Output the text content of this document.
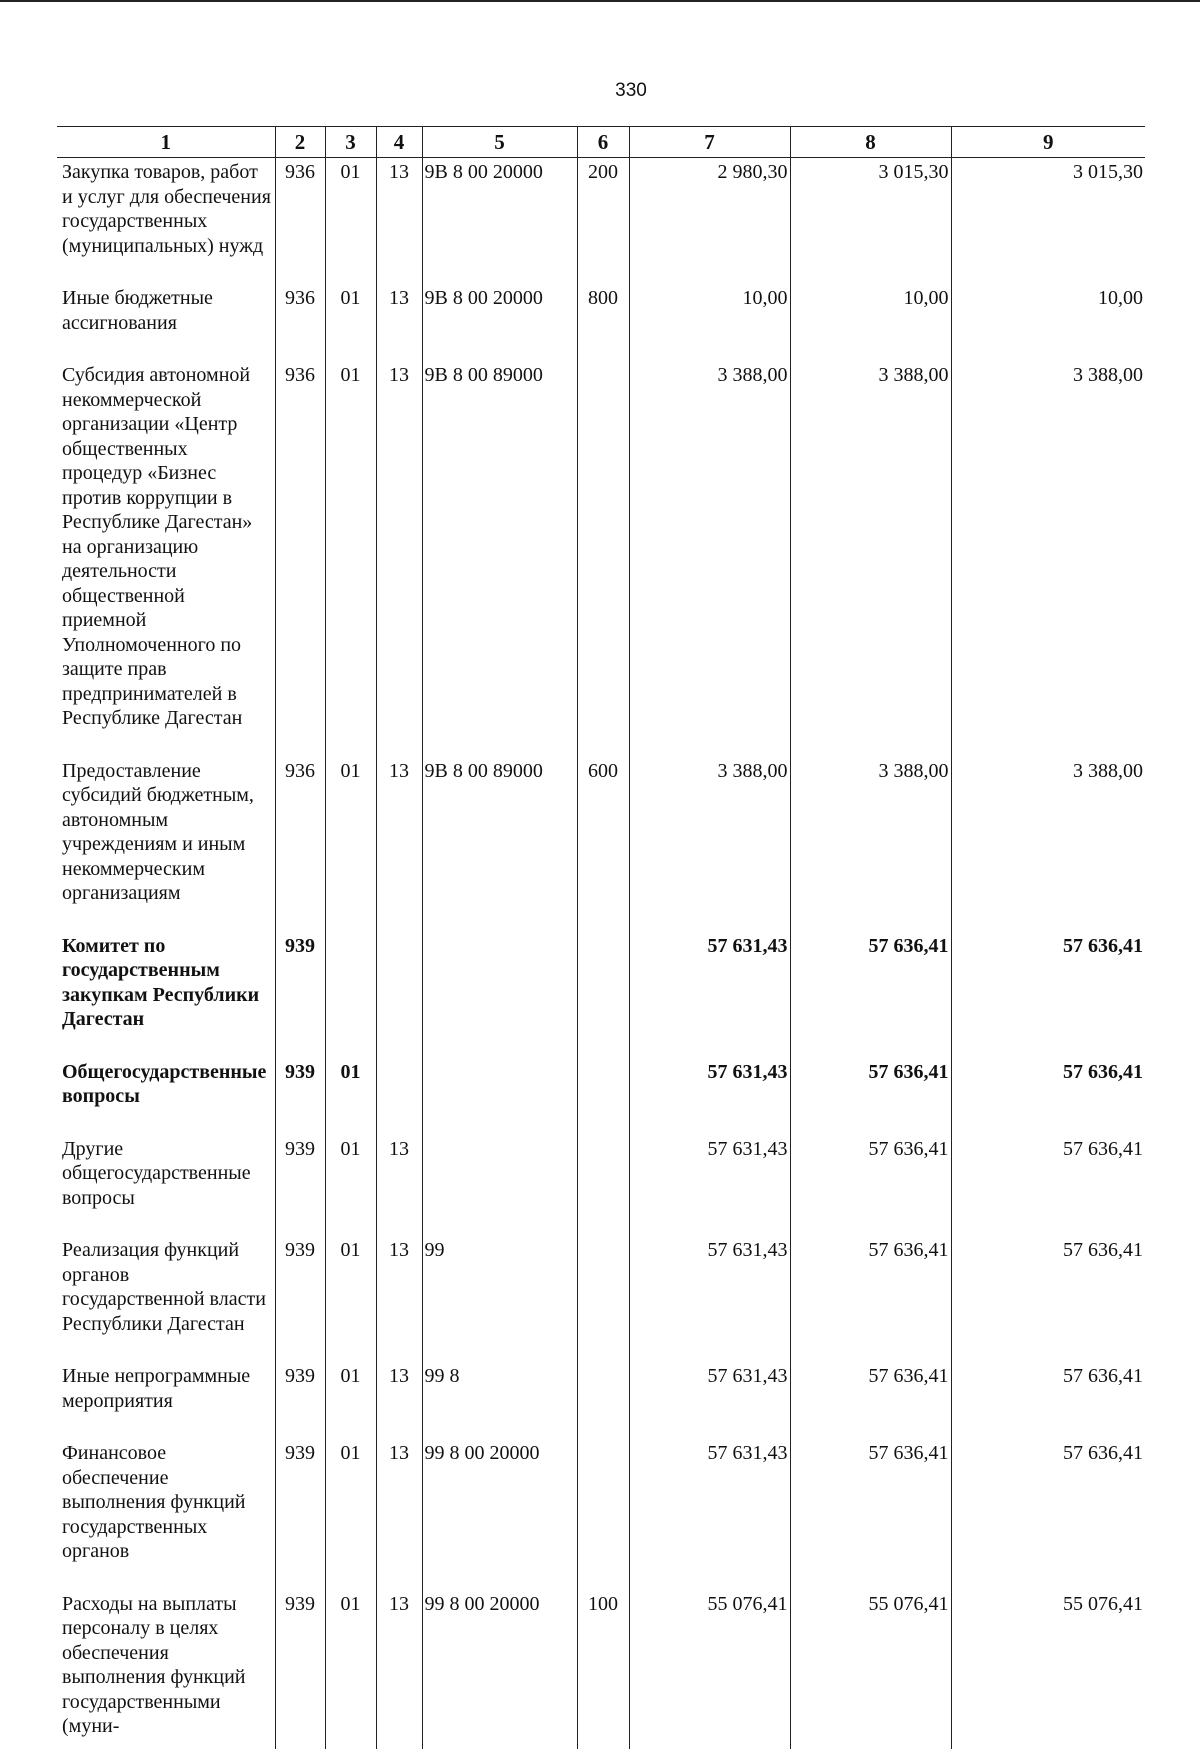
330
1	2	3	4	5	6	7	8	9
Закупка товаров, работ и услуг для обеспечения государственных (муниципальных) нужд	936	01	13	9В 8 00 20000	200	2 980,30	3 015,30	3 015,30
Иные бюджетные ассигнования	936	01	13	9В 8 00 20000	800	10,00	10,00	10,00
Субсидия автономной некоммерческой организации «Центр общественных процедур «Бизнес против коррупции в Республике Дагестан» на организацию деятельности общественной приемной Уполномоченного по защите прав предпринимателей в Республике Дагестан	936	01	13	9В 8 00 89000		3 388,00	3 388,00	3 388,00
Предоставление субсидий бюджетным, автономным учреждениям и иным некоммерческим организациям	936	01	13	9В 8 00 89000	600	3 388,00	3 388,00	3 388,00
Комитет по государственным закупкам Республики Дагестан	939					57 631,43	57 636,41	57 636,41
Общегосударственные вопросы	939	01				57 631,43	57 636,41	57 636,41
Другие общегосударственные вопросы	939	01	13			57 631,43	57 636,41	57 636,41
Реализация функций органов государственной власти Республики Дагестан	939	01	13	99		57 631,43	57 636,41	57 636,41
Иные непрограммные мероприятия	939	01	13	99 8		57 631,43	57 636,41	57 636,41
Финансовое обеспечение выполнения функций государственных органов	939	01	13	99 8 00 20000		57 631,43	57 636,41	57 636,41
Расходы на выплаты персоналу в целях обеспечения выполнения функций государственными (муни-	939	01	13	99 8 00 20000	100	55 076,41	55 076,41	55 076,41
